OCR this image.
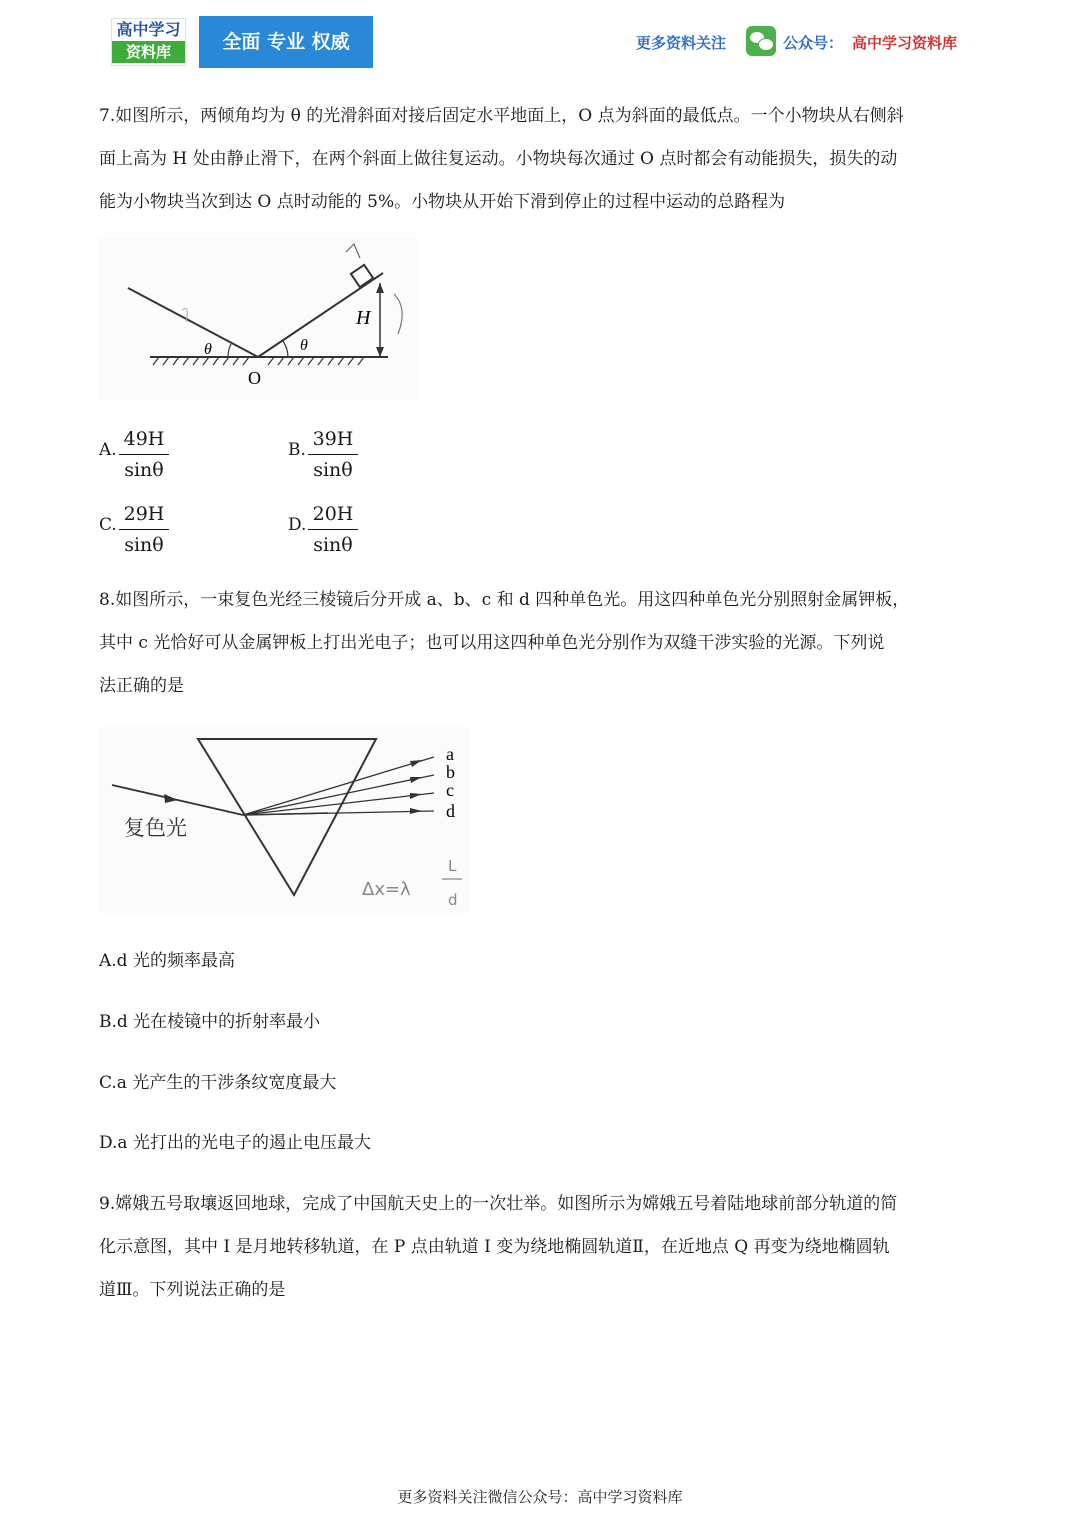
高中学习
资料库	全面 专业 权威	更多资料关注	公众号： 高中学习资料库
7.如图所示，两倾角均为 θ 的光滑斜面对接后固定水平地面上，O 点为斜面的最低点。一个小物块从右侧斜
面上高为 H 处由静止滑下，在两个斜面上做往复运动。小物块每次通过 O 点时都会有动能损失，损失的动
能为小物块当次到达 O 点时动能的 5%。小物块从开始下滑到停止的过程中运动的总路程为
H
θ	θ
O
A. 49H
sinθ
B. 39H
sinθ
C. 29H
sinθ
D. 20H
sinθ
8.如图所示，一束复色光经三棱镜后分开成 a、b、c 和 d 四种单色光。用这四种单色光分别照射金属钾板，
其中 c 光恰好可从金属钾板上打出光电子；也可以用这四种单色光分别作为双缝干涉实验的光源。下列说
法正确的是
a
b
c
d
复色光
Δx=λ
L
d
A.d 光的频率最高
B.d 光在棱镜中的折射率最小
C.a 光产生的干涉条纹宽度最大
D.a 光打出的光电子的遏止电压最大
9.嫦娥五号取壤返回地球，完成了中国航天史上的一次壮举。如图所示为嫦娥五号着陆地球前部分轨道的简
化示意图，其中 I 是月地转移轨道，在 P 点由轨道 I 变为绕地椭圆轨道Ⅱ，在近地点 Q 再变为绕地椭圆轨
道Ⅲ。下列说法正确的是
更多资料关注微信公众号：高中学习资料库
